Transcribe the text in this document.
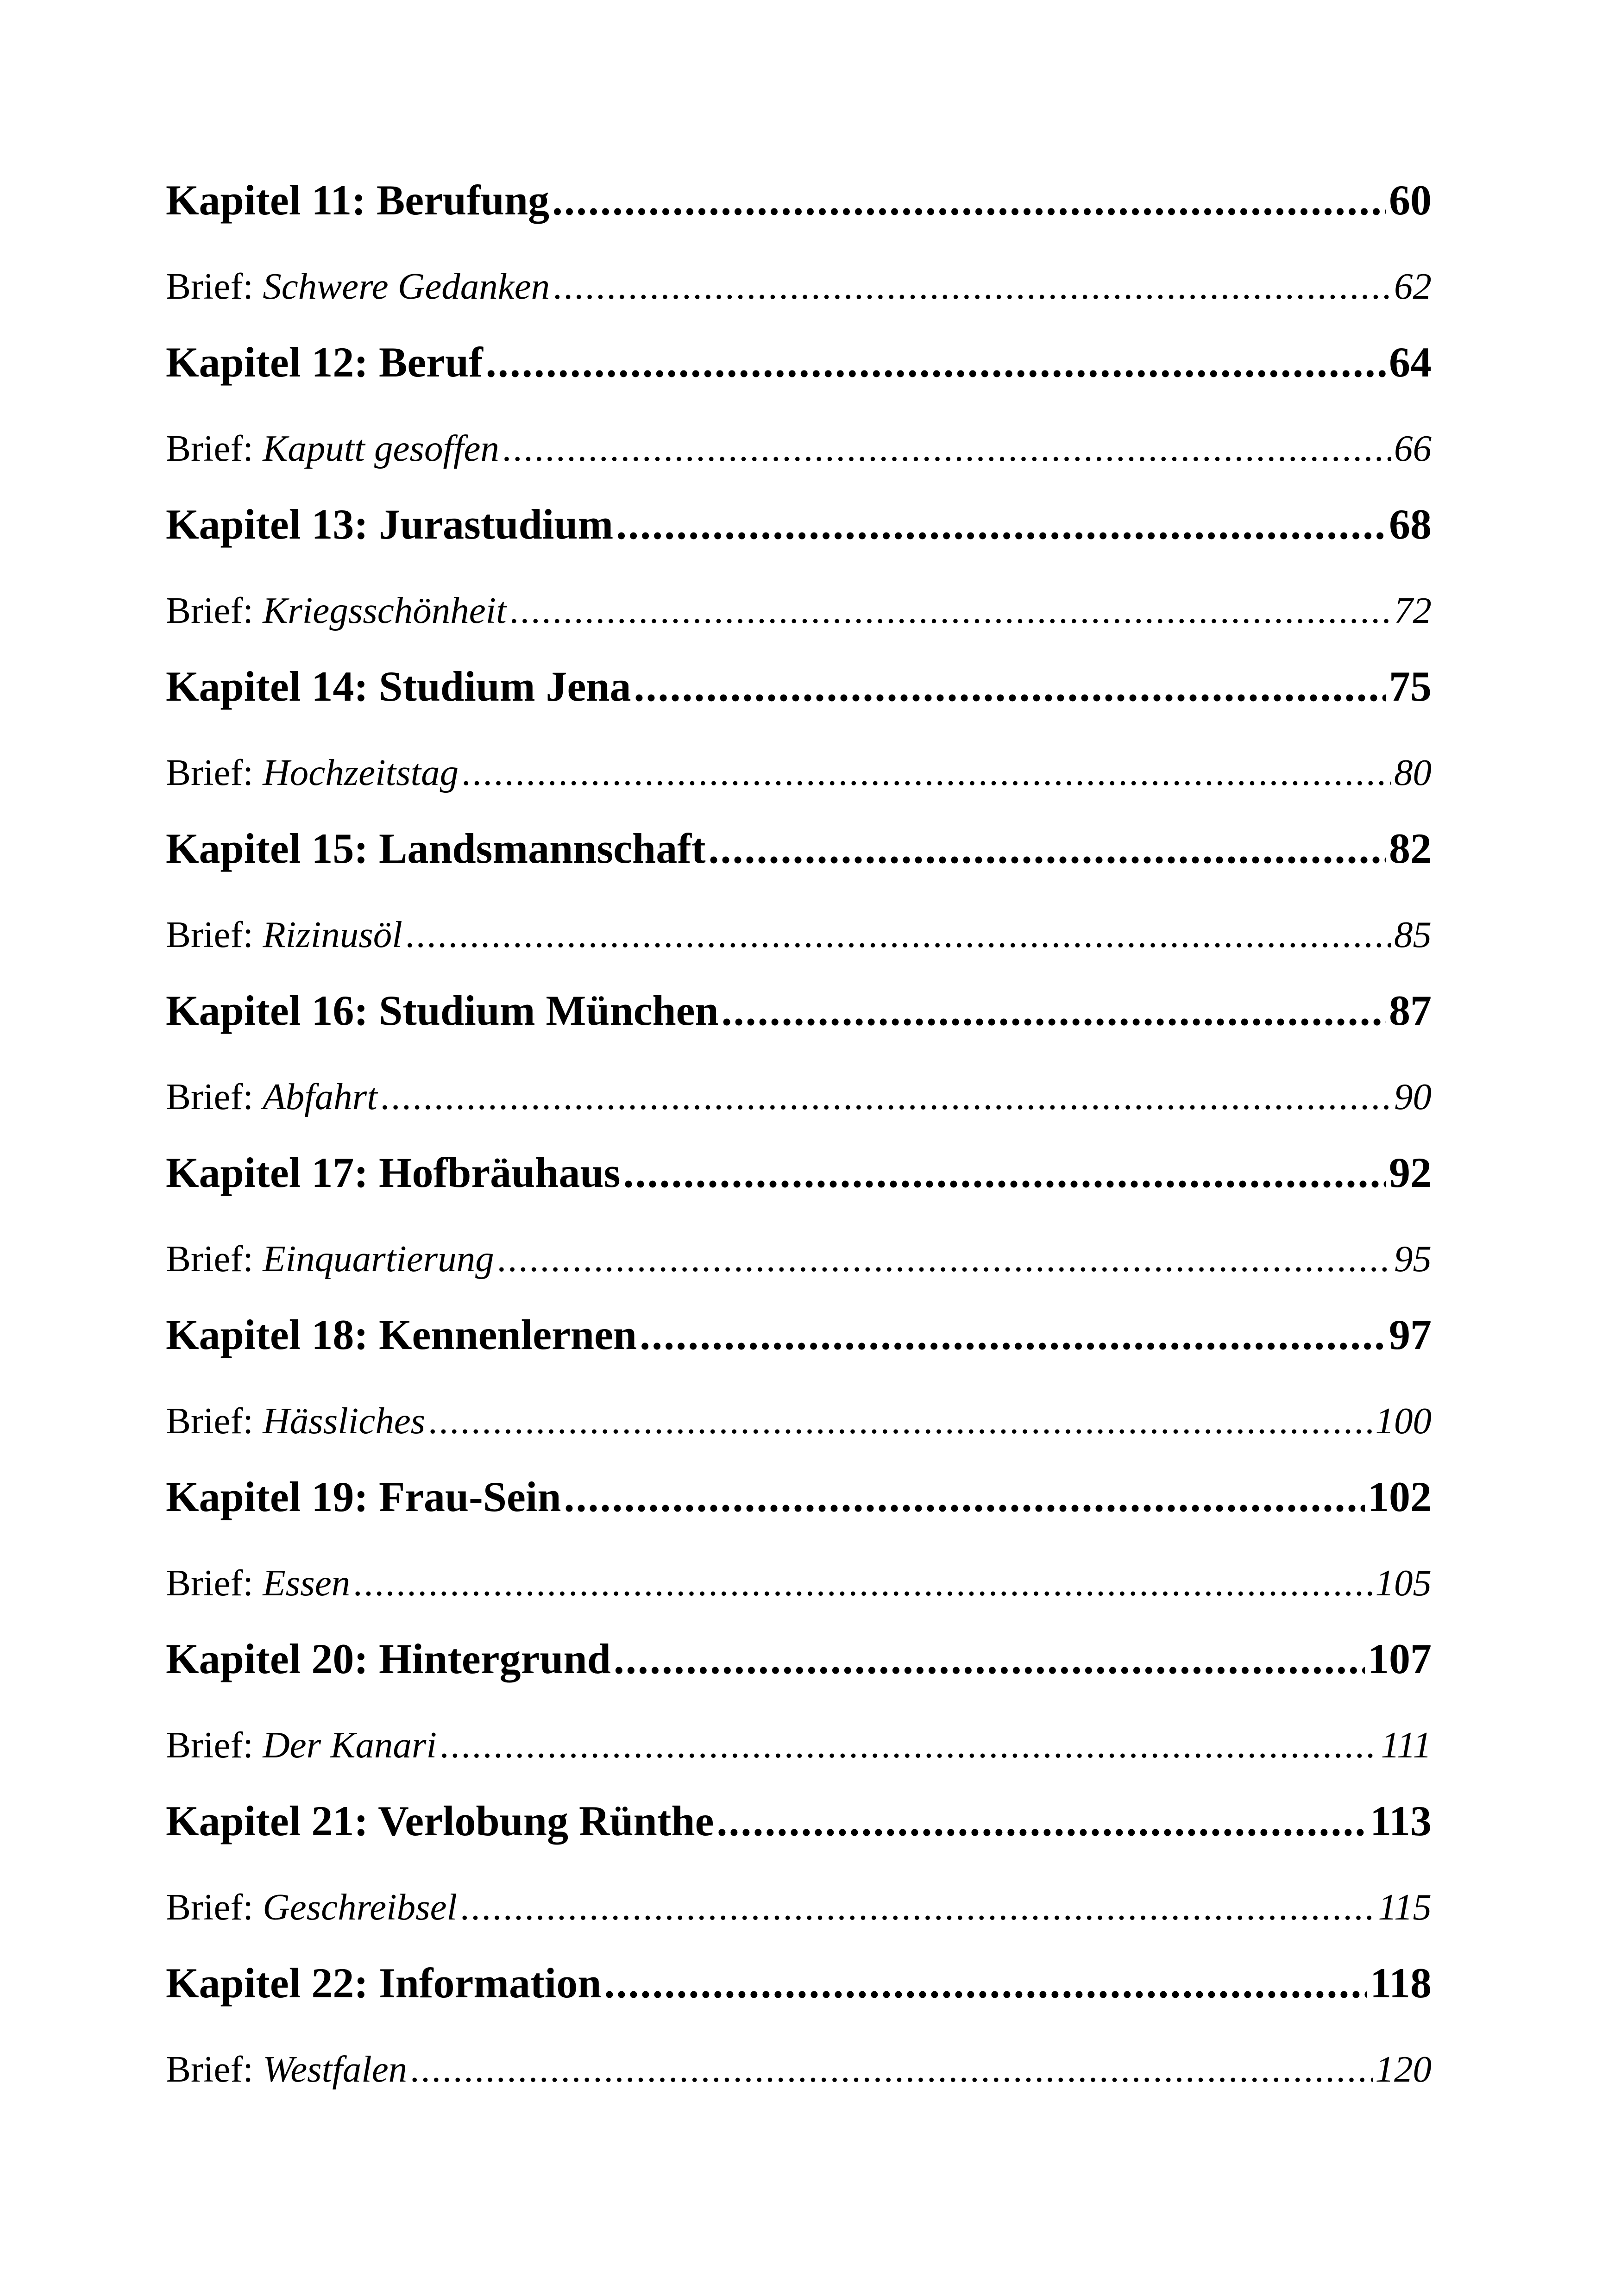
Kapitel 11: Berufung .....	60
Brief:
Schwere Gedanken .....	62
Kapitel 12: Beruf .....	64
Brief:
Kaputt gesoffen .....	66
Kapitel 13: Jurastudium .....	68
Brief:
Kriegsschönheit .....	72
Kapitel 14: Studium Jena .....	75
Brief:
Hochzeitstag .....	80
Kapitel 15: Landsmannschaft .....	82
Brief:
Rizinusöl .....	85
Kapitel 16: Studium München .....	87
Brief:
Abfahrt .....	90
Kapitel 17: Hofbräuhaus .....	92
Brief:
Einquartierung .....	95
Kapitel 18: Kennenlernen .....	97
Brief:
Hässliches .....	100
Kapitel 19: Frau-Sein .....	102
Brief:
Essen .....	105
Kapitel 20: Hintergrund .....	107
Brief:
Der Kanari .....	111
Kapitel 21: Verlobung Rünthe .....	113
Brief:
Geschreibsel .....	115
Kapitel 22: Information .....	118
Brief:
Westfalen .....	120
